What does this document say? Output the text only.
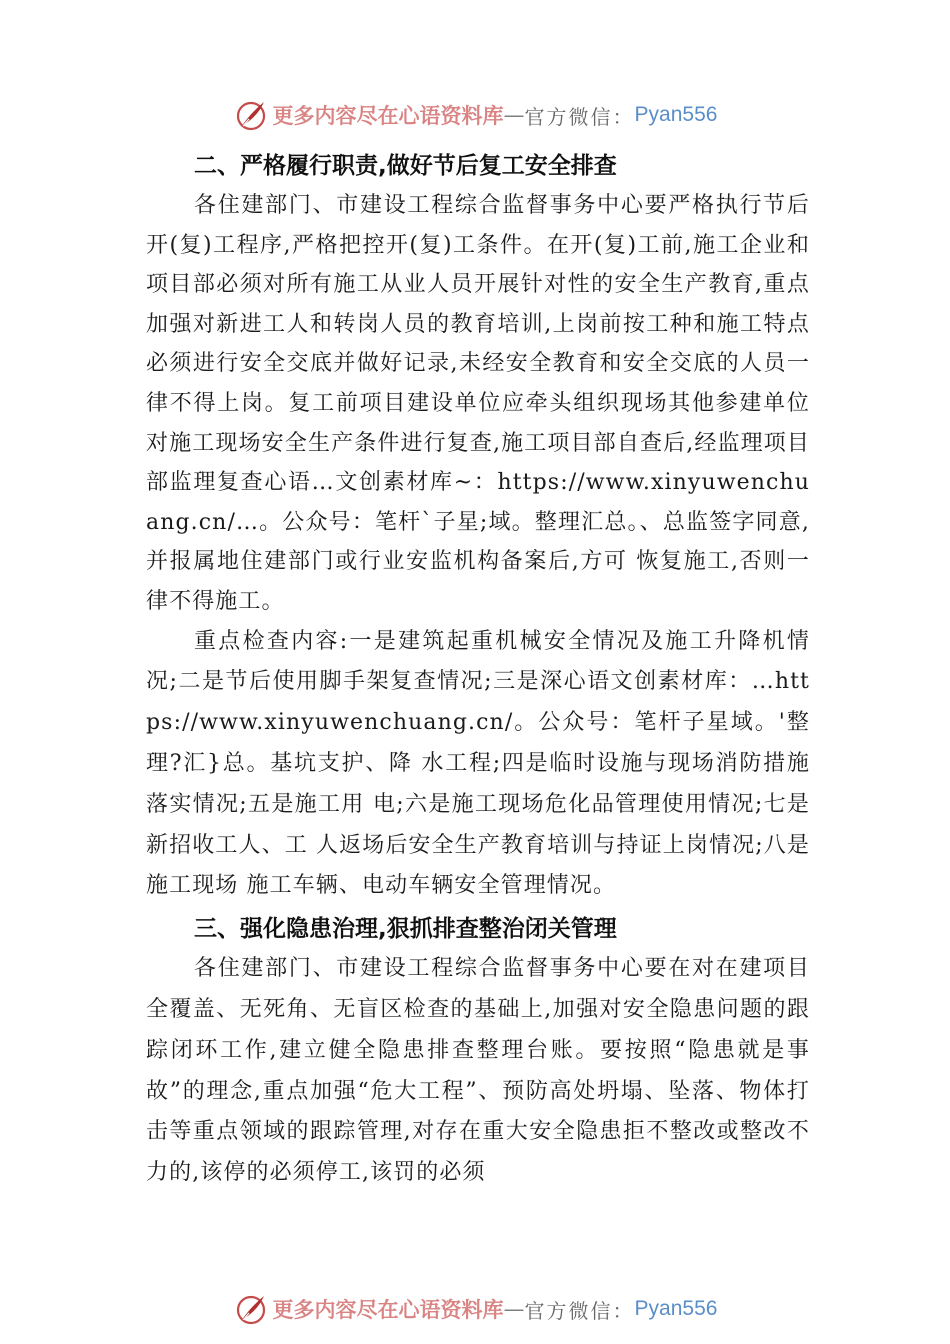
更多内容尽在心语资料库 — 官方微信： Pyan556
二、严格履行职责,做好节后复工安全排查

各住建部门、市建设工程综合监督事务中心要严格执行节后开(复)工程序,严格把控开(复)工条件。在开(复)工前,施工企业和项目部必须对所有施工从业人员开展针对性的安全生产教育,重点加强对新进工人和转岗人员的教育培训,上岗前按工种和施工特点必须进行安全交底并做好记录,未经安全教育和安全交底的人员一律不得上岗。复工前项目建设单位应牵头组织现场其他参建单位对施工现场安全生产条件进行复查,施工项目部自查后,经监理项目部监理复查心语…文创素材库~：https://www.xinyuwenchuang.cn/…。公众号：笔杆`子星;域。整理汇总。、总监签字同意,并报属地住建部门或行业安监机构备案后,方可 恢复施工,否则一律不得施工。

重点检查内容:一是建筑起重机械安全情况及施工升降机情况;二是节后使用脚手架复查情况;三是深心语文创素材库：…https://www.xinyuwenchuang.cn/。公众号：笔杆子星域。'整理?汇}总。基坑支护、降 水工程;四是临时设施与现场消防措施落实情况;五是施工用 电;六是施工现场危化品管理使用情况;七是新招收工人、工 人返场后安全生产教育培训与持证上岗情况;八是施工现场 施工车辆、电动车辆安全管理情况。

三、强化隐患治理,狠抓排查整治闭关管理

各住建部门、市建设工程综合监督事务中心要在对在建项目全覆盖、无死角、无盲区检查的基础上,加强对安全隐患问题的跟踪闭环工作,建立健全隐患排查整理台账。要按照“隐患就是事故”的理念,重点加强“危大工程”、预防高处坍塌、坠落、物体打击等重点领域的跟踪管理,对存在重大安全隐患拒不整改或整改不力的,该停的必须停工,该罚的必须

更多内容尽在心语资料库 — 官方微信： Pyan556
